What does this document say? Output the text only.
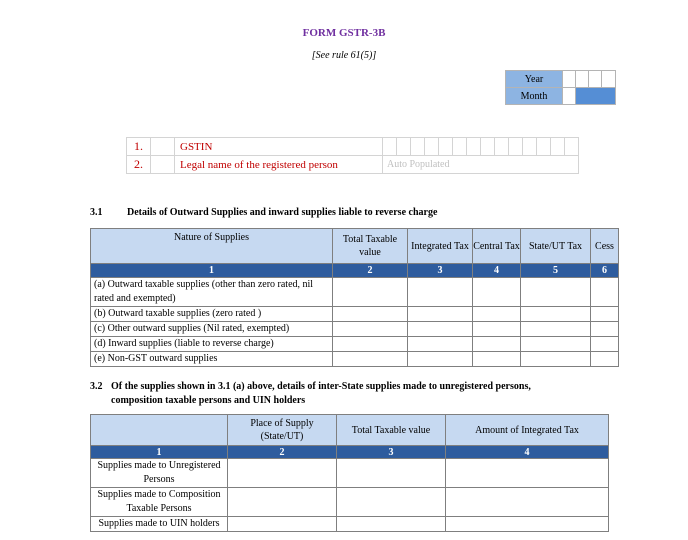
FORM GSTR-3B
[See rule 61(5)]
Year				
Month				
1.		GSTIN														
2.		Legal name of the registered person	Auto Populated													
3.1 Details of Outward Supplies and inward supplies liable to reverse charge
Nature of Supplies	Total Taxable value	Integrated Tax	Central Tax	State/UT Tax	Cess
1	2	3	4	5	6
(a) Outward taxable supplies (other than zero rated, nil rated and exempted)					
(b) Outward taxable supplies (zero rated )					
(c) Other outward supplies (Nil rated, exempted)					
(d) Inward supplies (liable to reverse charge)					
(e) Non-GST outward supplies					
3.2 Of the supplies shown in 3.1 (a) above, details of inter-State supplies made to unregistered persons,
composition taxable persons and UIN holders
	Place of Supply (State/UT)	Total Taxable value	Amount of Integrated Tax
1	2	3	4
Supplies made to Unregistered Persons			
Supplies made to Composition Taxable Persons			
Supplies made to UIN holders			
